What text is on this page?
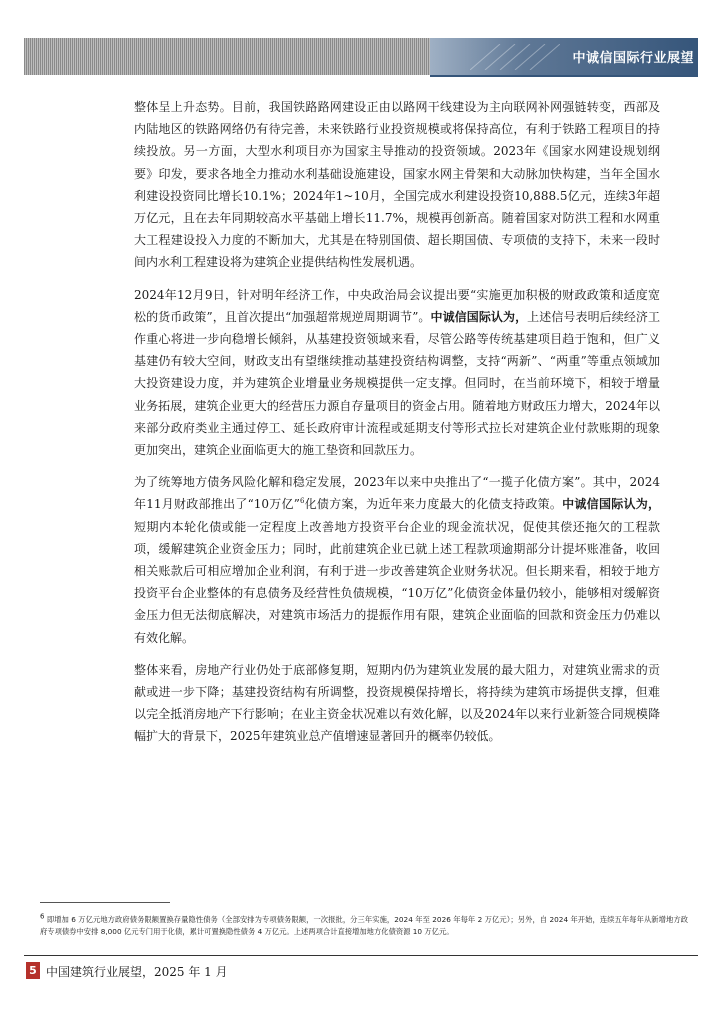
中诚信国际行业展望

整体呈上升态势。目前，我国铁路路网建设正由以路网干线建设为主向联网补网强链转变，西部及内陆地区的铁路网络仍有待完善，未来铁路行业投资规模或将保持高位，有利于铁路工程项目的持续投放。另一方面，大型水利项目亦为国家主导推动的投资领域。2023年《国家水网建设规划纲要》印发，要求各地全力推动水利基础设施建设，国家水网主骨架和大动脉加快构建，当年全国水利建设投资同比增长10.1%；2024年1~10月，全国完成水利建设投资10,888.5亿元，连续3年超万亿元，且在去年同期较高水平基础上增长11.7%，规模再创新高。随着国家对防洪工程和水网重大工程建设投入力度的不断加大，尤其是在特别国债、超长期国债、专项债的支持下，未来一段时间内水利工程建设将为建筑企业提供结构性发展机遇。

2024年12月9日，针对明年经济工作，中央政治局会议提出要“实施更加积极的财政政策和适度宽松的货币政策”，且首次提出“加强超常规逆周期调节”。中诚信国际认为，上述信号表明后续经济工作重心将进一步向稳增长倾斜，从基建投资领域来看，尽管公路等传统基建项目趋于饱和，但广义基建仍有较大空间，财政支出有望继续推动基建投资结构调整，支持“两新”、“两重”等重点领域加大投资建设力度，并为建筑企业增量业务规模提供一定支撑。但同时，在当前环境下，相较于增量业务拓展，建筑企业更大的经营压力源自存量项目的资金占用。随着地方财政压力增大，2024年以来部分政府类业主通过停工、延长政府审计流程或延期支付等形式拉长对建筑企业付款账期的现象更加突出，建筑企业面临更大的施工垫资和回款压力。

为了统筹地方债务风险化解和稳定发展，2023年以来中央推出了“一揽子化债方案”。其中，2024年11月财政部推出了“10万亿”$^6$化债方案，为近年来力度最大的化债支持政策。中诚信国际认为，短期内本轮化债或能一定程度上改善地方投资平台企业的现金流状况，促使其偿还拖欠的工程款项，缓解建筑企业资金压力；同时，此前建筑企业已就上述工程款项逾期部分计提坏账准备，收回相关账款后可相应增加企业利润，有利于进一步改善建筑企业财务状况。但长期来看，相较于地方投资平台企业整体的有息债务及经营性负债规模，“10万亿”化债资金体量仍较小，能够相对缓解资金压力但无法彻底解决，对建筑市场活力的提振作用有限，建筑企业面临的回款和资金压力仍难以有效化解。

整体来看，房地产行业仍处于底部修复期，短期内仍为建筑业发展的最大阻力，对建筑业需求的贡献或进一步下降；基建投资结构有所调整，投资规模保持增长，将持续为建筑市场提供支撑，但难以完全抵消房地产下行影响；在业主资金状况难以有效化解，以及2024年以来行业新签合同规模降幅扩大的背景下，2025年建筑业总产值增速显著回升的概率仍较低。

$^6$ 即增加 6 万亿元地方政府债务限额置换存量隐性债务（全部安排为专项债务限额，一次报批，分三年实施，2024 年至 2026 年每年 2 万亿元）；另外，自 2024 年开始，连续五年每年从新增地方政府专项债券中安排 8,000 亿元专门用于化债，累计可置换隐性债务 4 万亿元。上述两项合计直接增加地方化债资源 10 万亿元。
5 中国建筑行业展望，2025 年 1 月
